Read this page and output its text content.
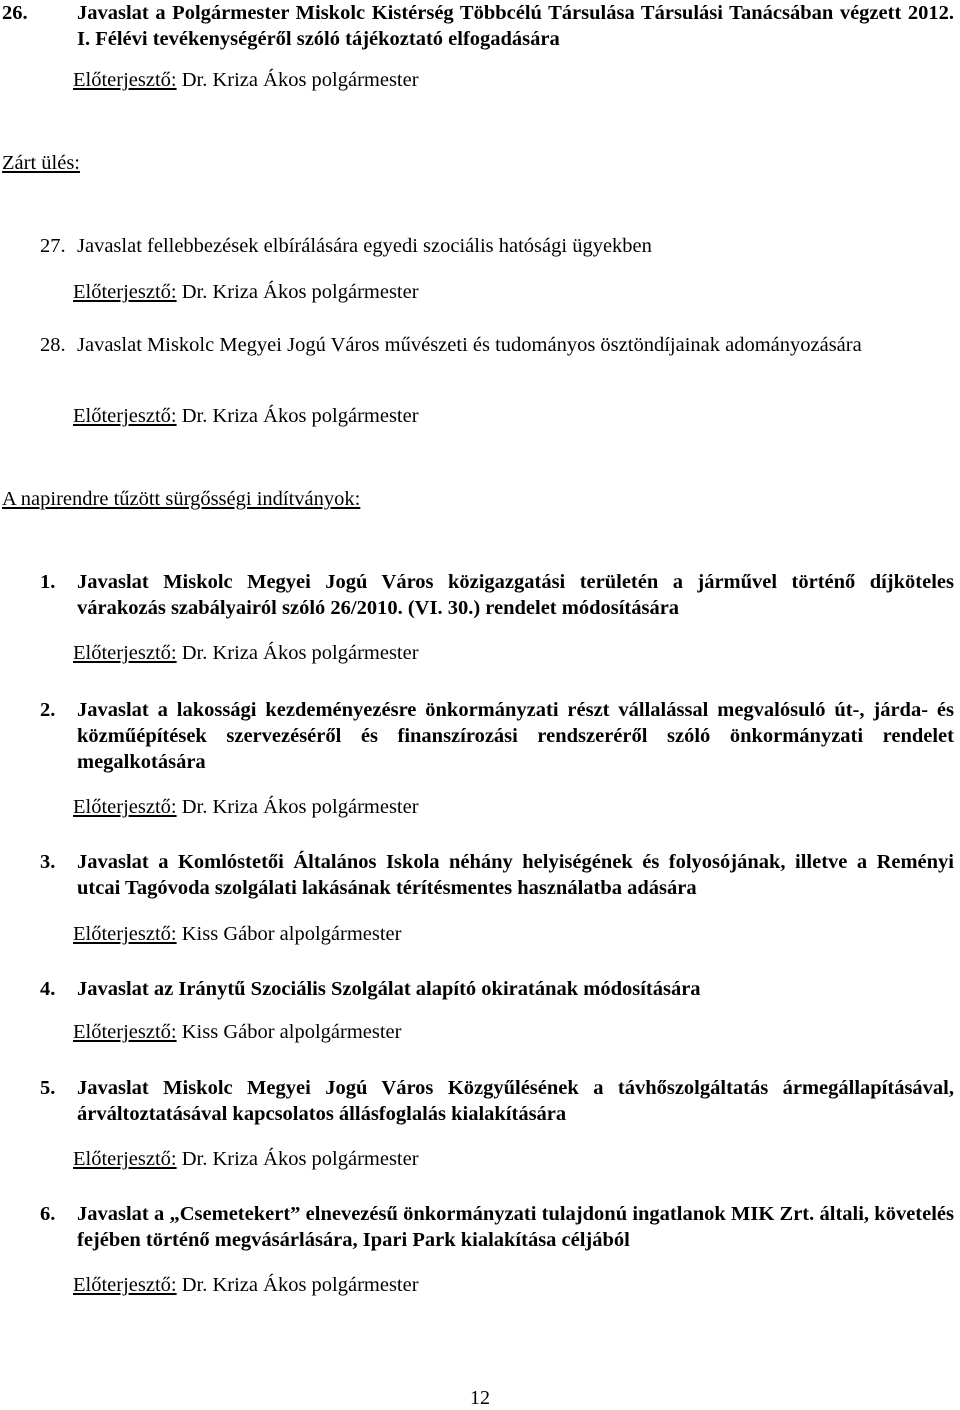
26. Javaslat a Polgármester Miskolc Kistérség Többcélú Társulása Társulási Tanácsában végzett 2012. I. Félévi tevékenységéről szóló tájékoztató elfogadására
Előterjesztő: Dr. Kriza Ákos polgármester
Zárt ülés:
27. Javaslat fellebbezések elbírálására egyedi szociális hatósági ügyekben
Előterjesztő: Dr. Kriza Ákos polgármester
28. Javaslat Miskolc Megyei Jogú Város művészeti és tudományos ösztöndíjainak adományozására
Előterjesztő: Dr. Kriza Ákos polgármester
A napirendre tűzött sürgősségi indítványok:
1. Javaslat Miskolc Megyei Jogú Város közigazgatási területén a járművel történő díjköteles várakozás szabályairól szóló 26/2010. (VI. 30.) rendelet módosítására
Előterjesztő: Dr. Kriza Ákos polgármester
2. Javaslat a lakossági kezdeményezésre önkormányzati részt vállalással megvalósuló út-, járda- és közműépítések szervezéséről és finanszírozási rendszeréről szóló önkormányzati rendelet megalkotására
Előterjesztő: Dr. Kriza Ákos polgármester
3. Javaslat a Komlóstetői Általános Iskola néhány helyiségének és folyosójának, illetve a Reményi utcai Tagóvoda szolgálati lakásának térítésmentes használatba adására
Előterjesztő: Kiss Gábor alpolgármester
4. Javaslat az Iránytű Szociális Szolgálat alapító okiratának módosítására
Előterjesztő: Kiss Gábor alpolgármester
5. Javaslat Miskolc Megyei Jogú Város Közgyűlésének a távhőszolgáltatás ármegállapításával, árváltoztatásával kapcsolatos állásfoglalás kialakítására
Előterjesztő: Dr. Kriza Ákos polgármester
6. Javaslat a „Csemetekert” elnevezésű önkormányzati tulajdonú ingatlanok MIK Zrt. általi, követelés fejében történő megvásárlására, Ipari Park kialakítása céljából
Előterjesztő: Dr. Kriza Ákos polgármester
12
